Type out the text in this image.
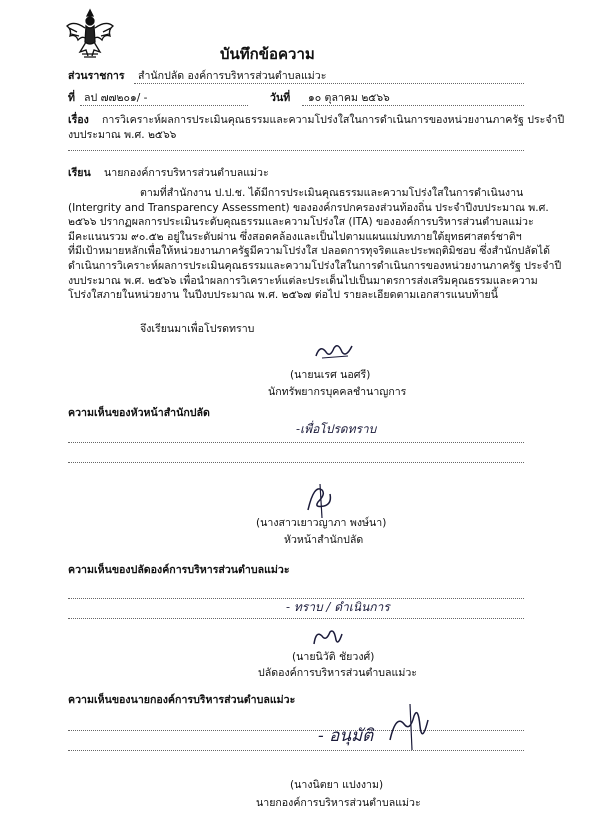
บันทึกข้อความ
ส่วนราชการ สำนักปลัด องค์การบริหารส่วนตำบลแม่วะ
ที่ ลป ๗๗๒๐๑/ -	วันที่ ๑๐ ตุลาคม ๒๕๖๖
เรื่อง การวิเคราะห์ผลการประเมินคุณธรรมและความโปร่งใสในการดำเนินการของหน่วยงานภาครัฐ ประจำปี
งบประมาณ พ.ศ. ๒๕๖๖
เรียน นายกองค์การบริหารส่วนตำบลแม่วะ
ตามที่สำนักงาน ป.ป.ช. ได้มีการประเมินคุณธรรมและความโปร่งใสในการดำเนินงาน
(Intergrity and Transparency Assessment) ขององค์กรปกครองส่วนท้องถิ่น ประจำปีงบประมาณ พ.ศ.
๒๕๖๖ ปรากฏผลการประเมินระดับคุณธรรมและความโปร่งใส (ITA) ขององค์การบริหารส่วนตำบลแม่วะ
มีคะแนนรวม ๙๐.๕๒ อยู่ในระดับผ่าน ซึ่งสอดคล้องและเป็นไปตามแผนแม่บทภายใต้ยุทธศาสตร์ชาติฯ
ที่มีเป้าหมายหลักเพื่อให้หน่วยงานภาครัฐมีความโปร่งใส ปลอดการทุจริตและประพฤติมิชอบ ซึ่งสำนักปลัดได้
ดำเนินการวิเคราะห์ผลการประเมินคุณธรรมและความโปร่งใสในการดำเนินการของหน่วยงานภาครัฐ ประจำปี
งบประมาณ พ.ศ. ๒๕๖๖ เพื่อนำผลการวิเคราะห์แต่ละประเด็นไปเป็นมาตรการส่งเสริมคุณธรรมและความ
โปร่งใสภายในหน่วยงาน ในปีงบประมาณ พ.ศ. ๒๕๖๗ ต่อไป รายละเอียดตามเอกสารแนบท้ายนี้
จึงเรียนมาเพื่อโปรดทราบ
(นายนเรศ นอศรี)
นักทรัพยากรบุคคลชำนาญการ
ความเห็นของหัวหน้าสำนักปลัด
-เพื่อโปรดทราบ
(นางสาวเยาวญาภา พงษ์นา)
หัวหน้าสำนักปลัด
ความเห็นของปลัดองค์การบริหารส่วนตำบลแม่วะ
- ทราบ / ดำเนินการ
(นายนิวัติ ชัยวงศ์)
ปลัดองค์การบริหารส่วนตำบลแม่วะ
ความเห็นของนายกองค์การบริหารส่วนตำบลแม่วะ
- อนุมัติ
(นางนิตยา แปงงาม)
นายกองค์การบริหารส่วนตำบลแม่วะ
